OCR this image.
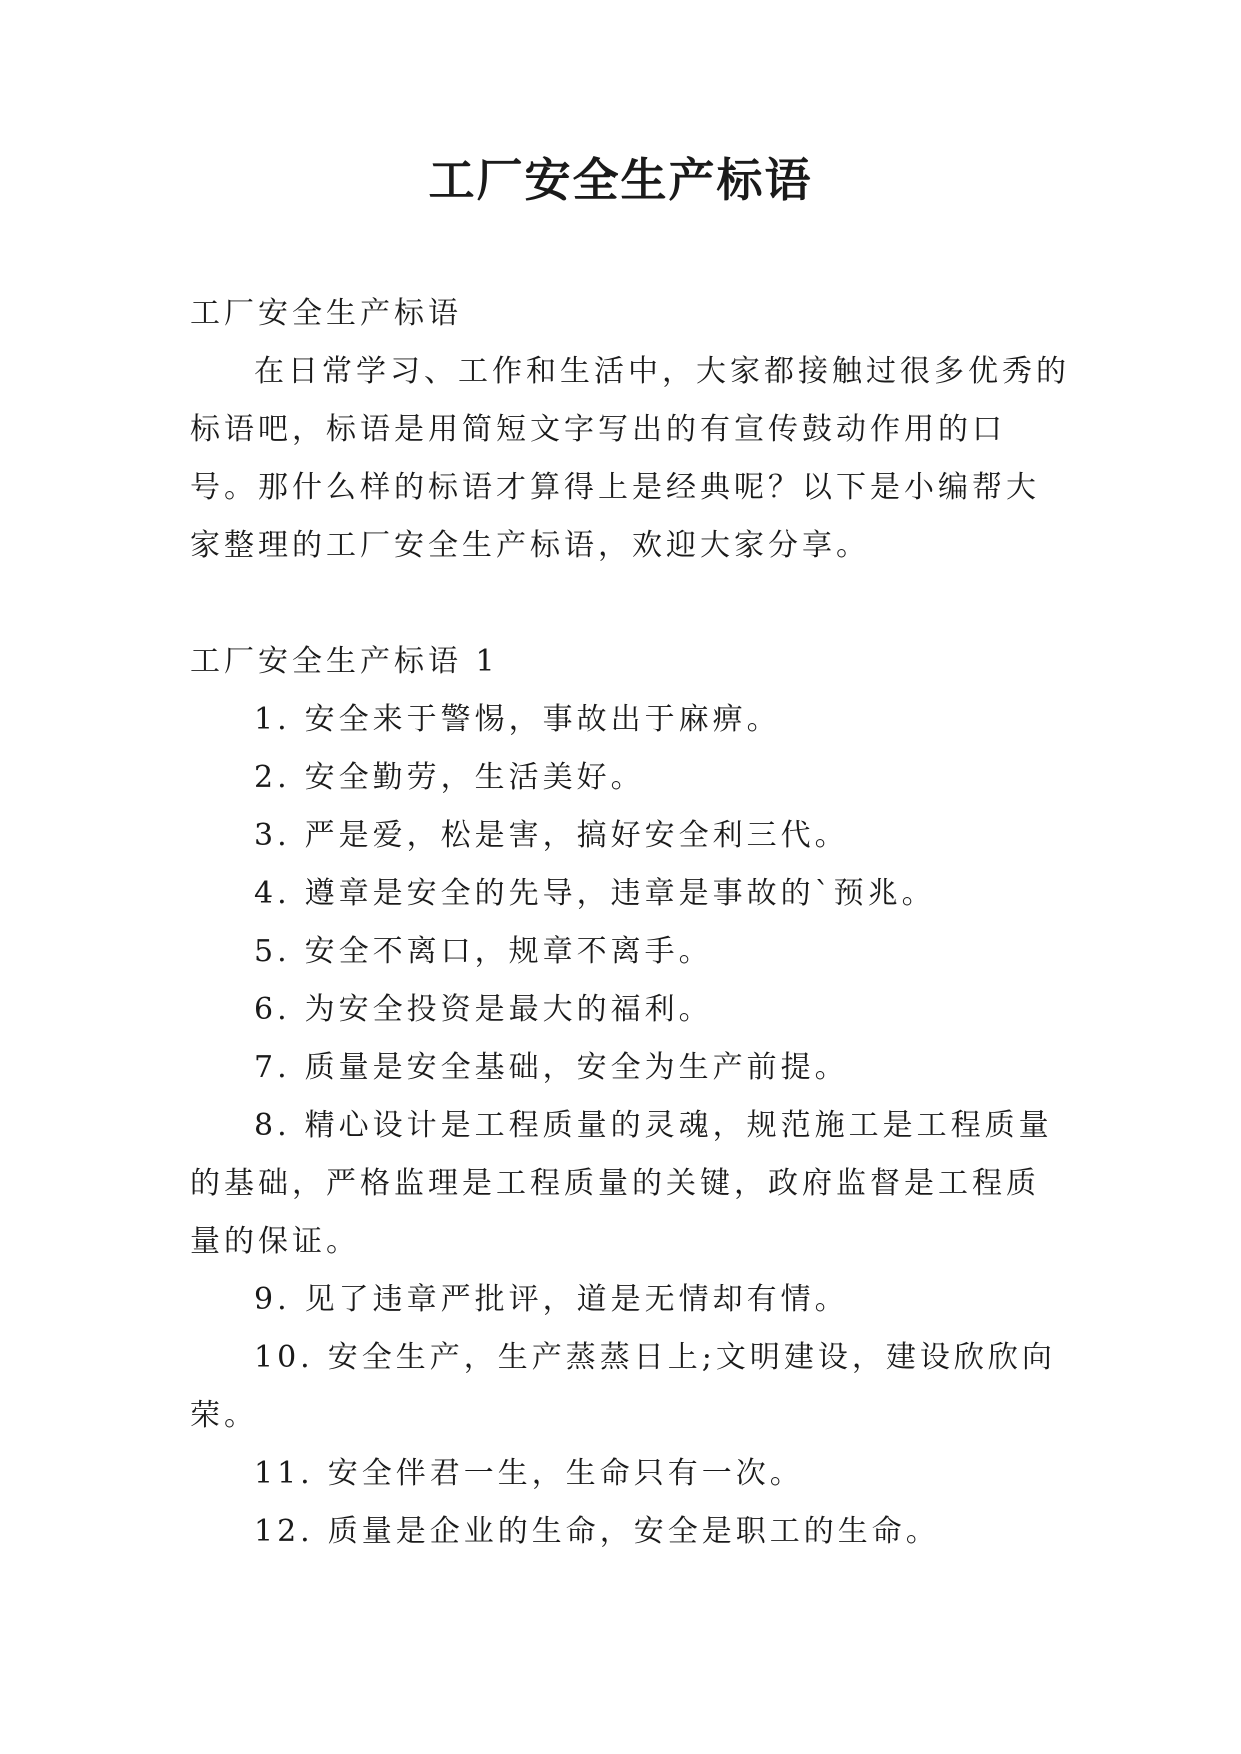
工厂安全生产标语

工厂安全生产标语

在日常学习、工作和生活中，大家都接触过很多优秀的标语吧，标语是用简短文字写出的有宣传鼓动作用的口号。那什么样的标语才算得上是经典呢？以下是小编帮大家整理的工厂安全生产标语，欢迎大家分享。

工厂安全生产标语 1

1. 安全来于警惕，事故出于麻痹。

2. 安全勤劳，生活美好。

3. 严是爱，松是害，搞好安全利三代。

4. 遵章是安全的先导，违章是事故的`预兆。

5. 安全不离口，规章不离手。

6. 为安全投资是最大的福利。

7. 质量是安全基础，安全为生产前提。

8. 精心设计是工程质量的灵魂，规范施工是工程质量的基础，严格监理是工程质量的关键，政府监督是工程质量的保证。

9. 见了违章严批评，道是无情却有情。

10. 安全生产，生产蒸蒸日上;文明建设，建设欣欣向荣。

11. 安全伴君一生，生命只有一次。

12. 质量是企业的生命，安全是职工的生命。
